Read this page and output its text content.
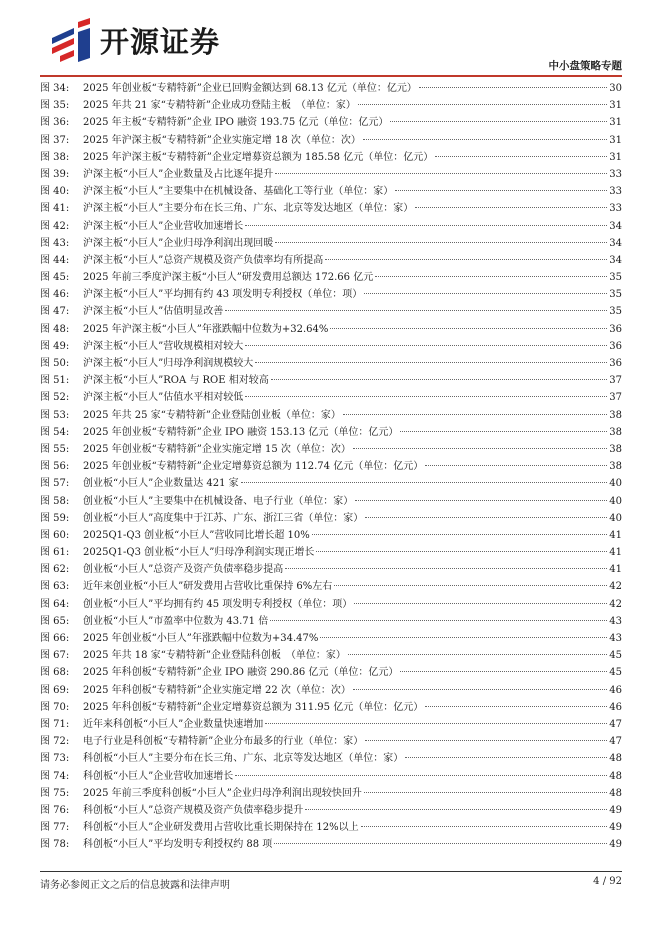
开源证券
中小盘策略专题
图 34:	2025 年创业板“专精特新”企业已回购金额达到 68.13 亿元（单位：亿元）	30
图 35:	2025 年共 21 家“专精特新”企业成功登陆主板　（单位：家）	31
图 36:	2025 年主板“专精特新”企业 IPO 融资 193.75 亿元（单位：亿元）	31
图 37:	2025 年沪深主板“专精特新”企业实施定增 18 次（单位：次）	31
图 38:	2025 年沪深主板“专精特新”企业定增募资总额为 185.58 亿元（单位：亿元）	31
图 39:	沪深主板“小巨人”企业数量及占比逐年提升	33
图 40:	沪深主板“小巨人”主要集中在机械设备、基础化工等行业（单位：家）	33
图 41:	沪深主板“小巨人”主要分布在长三角、广东、北京等发达地区（单位：家）	33
图 42:	沪深主板“小巨人”企业营收加速增长	34
图 43:	沪深主板“小巨人”企业归母净利润出现回暖	34
图 44:	沪深主板“小巨人”总资产规模及资产负债率均有所提高	34
图 45:	2025 年前三季度沪深主板“小巨人”研发费用总额达 172.66 亿元	35
图 46:	沪深主板“小巨人”平均拥有约 43 项发明专利授权（单位：项）	35
图 47:	沪深主板“小巨人”估值明显改善	35
图 48:	2025 年沪深主板“小巨人”年涨跌幅中位数为+32.64%	36
图 49:	沪深主板“小巨人”营收规模相对较大	36
图 50:	沪深主板“小巨人”归母净利润规模较大	36
图 51:	沪深主板“小巨人”ROA 与 ROE 相对较高	37
图 52:	沪深主板“小巨人”估值水平相对较低	37
图 53:	2025 年共 25 家“专精特新”企业登陆创业板（单位：家）	38
图 54:	2025 年创业板“专精特新”企业 IPO 融资 153.13 亿元（单位：亿元）	38
图 55:	2025 年创业板“专精特新”企业实施定增 15 次（单位：次）	38
图 56:	2025 年创业板“专精特新”企业定增募资总额为 112.74 亿元（单位：亿元）	38
图 57:	创业板“小巨人”企业数量达 421 家	40
图 58:	创业板“小巨人”主要集中在机械设备、电子行业（单位：家）	40
图 59:	创业板“小巨人”高度集中于江苏、广东、浙江三省（单位：家）	40
图 60:	2025Q1-Q3 创业板“小巨人”营收同比增长超 10%	41
图 61:	2025Q1-Q3 创业板“小巨人”归母净利润实现正增长	41
图 62:	创业板“小巨人”总资产及资产负债率稳步提高	41
图 63:	近年来创业板“小巨人”研发费用占营收比重保持 6%左右	42
图 64:	创业板“小巨人”平均拥有约 45 项发明专利授权（单位：项）	42
图 65:	创业板“小巨人”市盈率中位数为 43.71 倍	43
图 66:	2025 年创业板“小巨人”年涨跌幅中位数为+34.47%	43
图 67:	2025 年共 18 家“专精特新”企业登陆科创板　（单位：家）	45
图 68:	2025 年科创板“专精特新”企业 IPO 融资 290.86 亿元（单位：亿元）	45
图 69:	2025 年科创板“专精特新”企业实施定增 22 次（单位：次）	46
图 70:	2025 年科创板“专精特新”企业定增募资总额为 311.95 亿元（单位：亿元）	46
图 71:	近年来科创板“小巨人”企业数量快速增加	47
图 72:	电子行业是科创板“专精特新”企业分布最多的行业（单位：家）	47
图 73:	科创板“小巨人”主要分布在长三角、广东、北京等发达地区（单位：家）	48
图 74:	科创板“小巨人”企业营收加速增长	48
图 75:	2025 年前三季度科创板“小巨人”企业归母净利润出现较快回升	48
图 76:	科创板“小巨人”总资产规模及资产负债率稳步提升	49
图 77:	科创板“小巨人”企业研发费用占营收比重长期保持在 12%以上	49
图 78:	科创板“小巨人”平均发明专利授权约 88 项	49
请务必参阅正文之后的信息披露和法律声明	4 / 92
